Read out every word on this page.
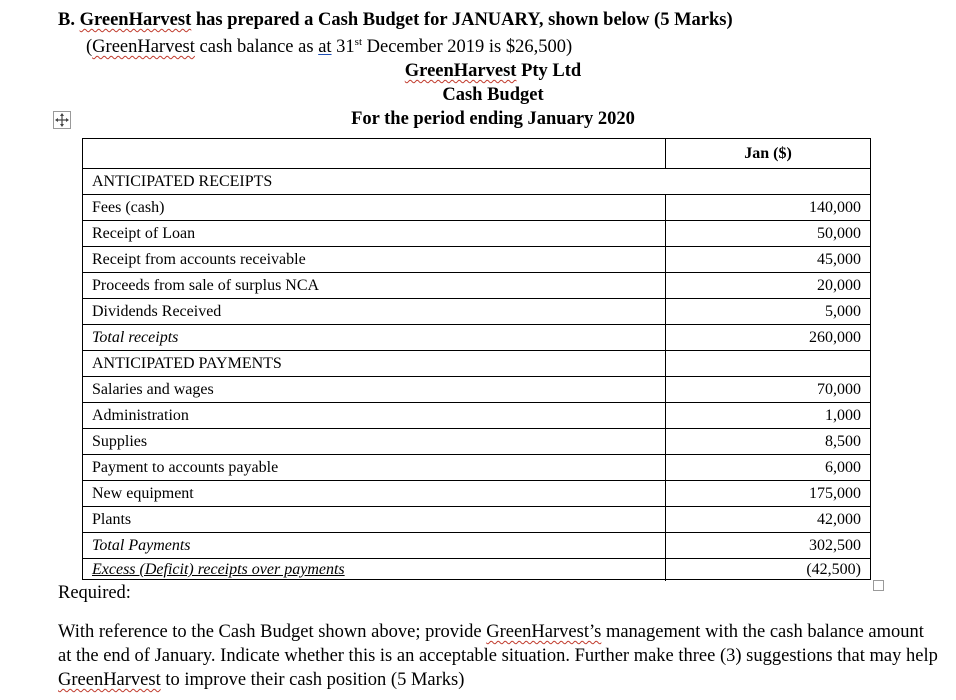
B. GreenHarvest has prepared a Cash Budget for JANUARY, shown below (5 Marks)
(GreenHarvest cash balance as at 31st December 2019 is $26,500)
GreenHarvest Pty Ltd
Cash Budget
For the period ending January 2020
Jan ($)
ANTICIPATED RECEIPTS
Fees (cash)	140,000
Receipt of Loan	50,000
Receipt from accounts receivable	45,000
Proceeds from sale of surplus NCA	20,000
Dividends Received	5,000
Total receipts	260,000
ANTICIPATED PAYMENTS
Salaries and wages	70,000
Administration	1,000
Supplies	8,500
Payment to accounts payable	6,000
New equipment	175,000
Plants	42,000
Total Payments	302,500
Excess (Deficit) receipts over payments	(42,500)
Required:
With reference to the Cash Budget shown above; provide GreenHarvest’s management with the cash balance amount at the end of January. Indicate whether this is an acceptable situation. Further make three (3) suggestions that may help GreenHarvest to improve their cash position (5 Marks)
